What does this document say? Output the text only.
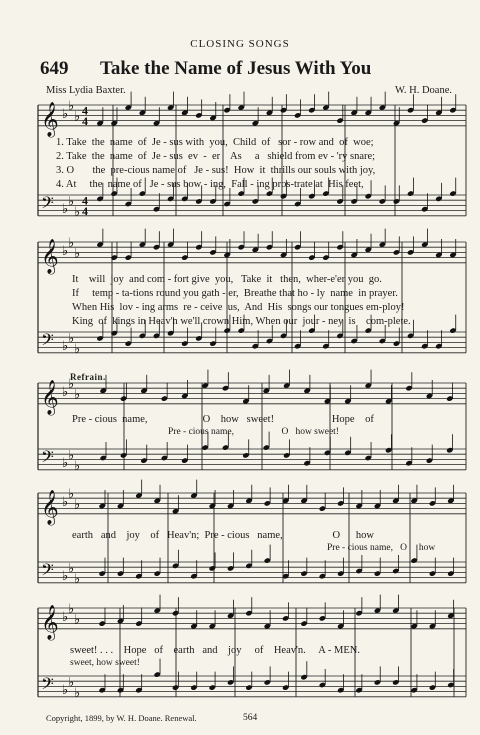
CLOSING SONGS
649 Take the Name of Jesus With You
Miss Lydia Baxter.	W. H. Doane.
𝄞
𝄢
♭
♭
♭
♭
♭
♭
4
4
4
4
𝄞
𝄢
♭
♭
♭
♭
♭
♭
𝄞
𝄢
♭
♭
♭
♭
♭
♭
𝄞
𝄢
♭
♭
♭
♭
♭
♭
𝄞
𝄢
♭
♭
♭
♭
♭
♭
1. Take  the  name  of  Je - sus with  you,  Child  of   sor - row and  of  woe;
2. Take  the  name  of  Je - sus  ev  -  er    As     a   shield from ev - 'ry snare;
3. O       the  pre-cious name of   Je - sus!  How  it  thrills our souls with joy,
4. At     the  name of   Je - sus bow - ing,  Fall - ing pros-trate at  His feet,
It    will  joy  and com - fort give  you,   Take  it   then,  wher-e'er you  go.
If     temp - ta-tions round you gath - er,  Breathe that ho - ly  name  in prayer.
When His  lov - ing arms  re - ceive  us,  And  His  songs our tongues em-ploy!
King  of  kings in Heav'n we'll crown Him, When our  jour - ney  is    com-plete.
Refrain.
Pre - cious  name,                     O    how   sweet!                      Hope    of
Pre - cious name,                    O   how sweet!
earth   and    joy    of   Heav'n;  Pre - cious   name,                   O      how
Pre - cious name,   O     how
sweet! . . .    Hope   of    earth   and    joy     of    Heav'n.     A - MEN.
sweet, how sweet!
Copyright, 1899, by W. H. Doane. Renewal.	564
